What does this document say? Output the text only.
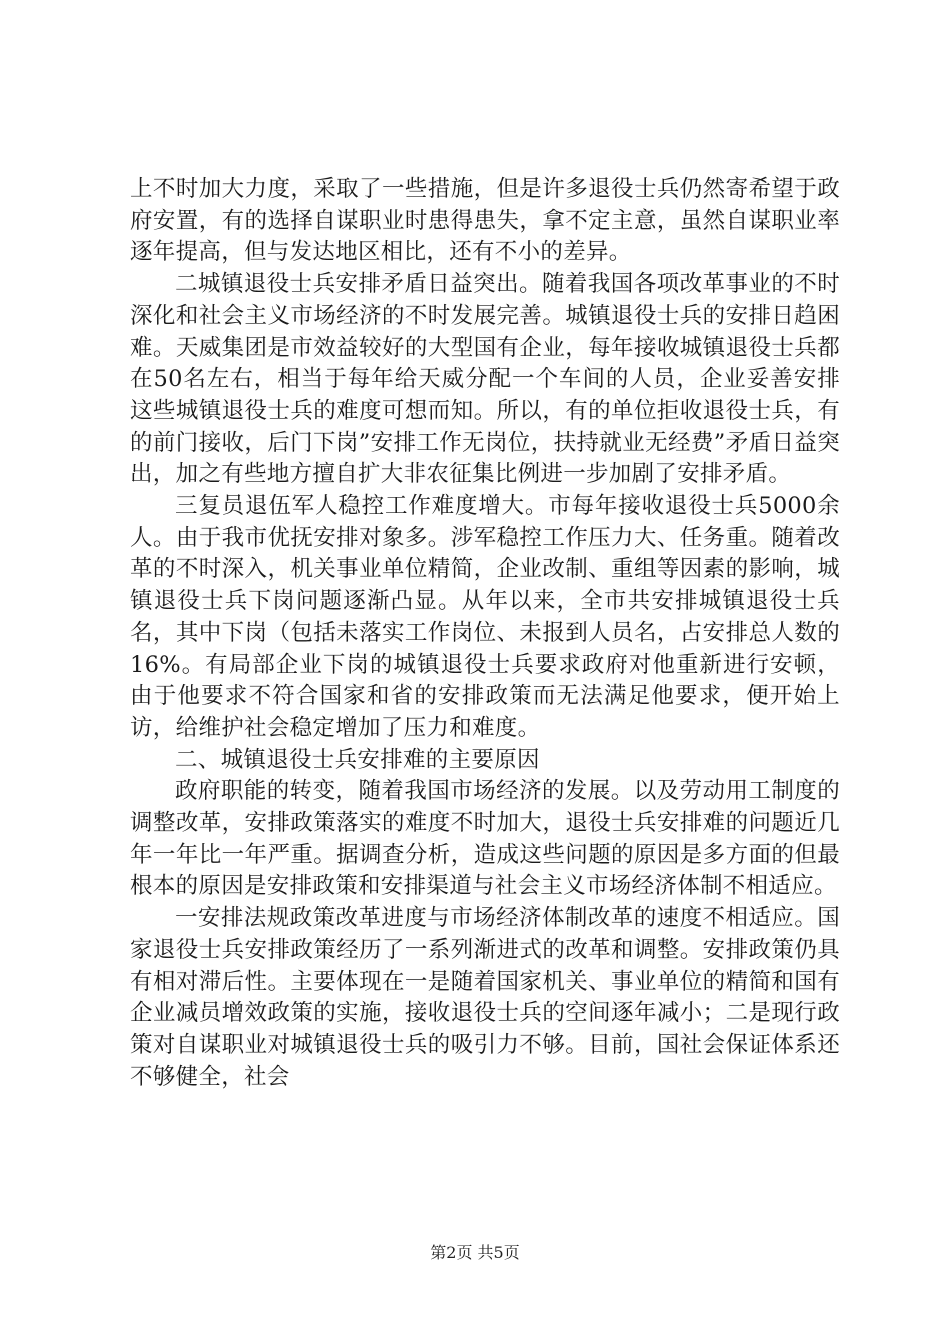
上不时加大力度，采取了一些措施，但是许多退役士兵仍然寄希望于政府安置，有的选择自谋职业时患得患失，拿不定主意，虽然自谋职业率逐年提高，但与发达地区相比，还有不小的差异。

二城镇退役士兵安排矛盾日益突出。随着我国各项改革事业的不时深化和社会主义市场经济的不时发展完善。城镇退役士兵的安排日趋困难。天威集团是市效益较好的大型国有企业，每年接收城镇退役士兵都在50名左右，相当于每年给天威分配一个车间的人员，企业妥善安排这些城镇退役士兵的难度可想而知。所以，有的单位拒收退役士兵，有的前门接收，后门下岗”安排工作无岗位，扶持就业无经费”矛盾日益突出，加之有些地方擅自扩大非农征集比例进一步加剧了安排矛盾。

三复员退伍军人稳控工作难度增大。市每年接收退役士兵5000余人。由于我市优抚安排对象多。涉军稳控工作压力大、任务重。随着改革的不时深入，机关事业单位精简，企业改制、重组等因素的影响，城镇退役士兵下岗问题逐渐凸显。从年以来，全市共安排城镇退役士兵名，其中下岗（包括未落实工作岗位、未报到人员名，占安排总人数的16%。有局部企业下岗的城镇退役士兵要求政府对他重新进行安顿，由于他要求不符合国家和省的安排政策而无法满足他要求，便开始上访，给维护社会稳定增加了压力和难度。

二、城镇退役士兵安排难的主要原因

政府职能的转变，随着我国市场经济的发展。以及劳动用工制度的调整改革，安排政策落实的难度不时加大，退役士兵安排难的问题近几年一年比一年严重。据调查分析，造成这些问题的原因是多方面的但最根本的原因是安排政策和安排渠道与社会主义市场经济体制不相适应。

一安排法规政策改革进度与市场经济体制改革的速度不相适应。国家退役士兵安排政策经历了一系列渐进式的改革和调整。安排政策仍具有相对滞后性。主要体现在一是随着国家机关、事业单位的精简和国有企业减员增效政策的实施，接收退役士兵的空间逐年减小；二是现行政策对自谋职业对城镇退役士兵的吸引力不够。目前，国社会保证体系还不够健全，社会

第2页 共5页
